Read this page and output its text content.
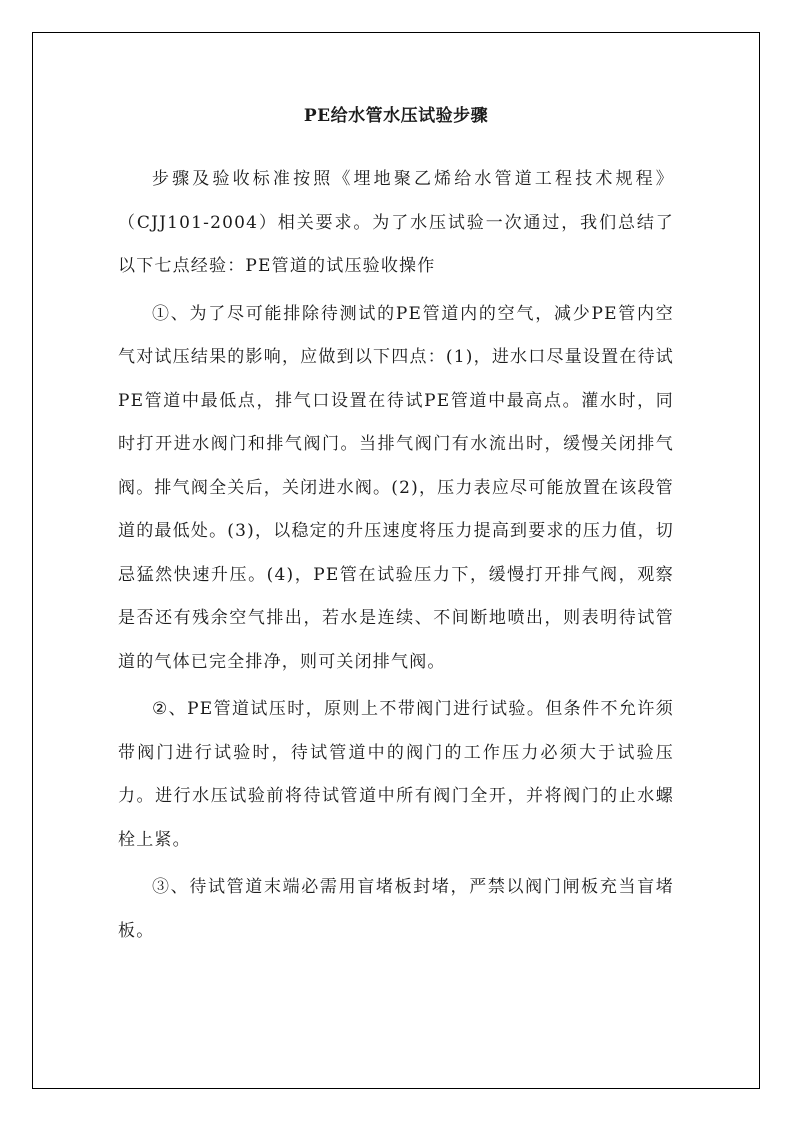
PE给水管水压试验步骤

步骤及验收标准按照《埋地聚乙烯给水管道工程技术规程》（CJJ101-2004）相关要求。为了水压试验一次通过，我们总结了以下七点经验：PE管道的试压验收操作

①、为了尽可能排除待测试的PE管道内的空气，减少PE管内空气对试压结果的影响，应做到以下四点：(1)，进水口尽量设置在待试PE管道中最低点，排气口设置在待试PE管道中最高点。灌水时，同时打开进水阀门和排气阀门。当排气阀门有水流出时，缓慢关闭排气阀。排气阀全关后，关闭进水阀。(2)，压力表应尽可能放置在该段管道的最低处。(3)，以稳定的升压速度将压力提高到要求的压力值，切忌猛然快速升压。(4)，PE管在试验压力下，缓慢打开排气阀，观察是否还有残余空气排出，若水是连续、不间断地喷出，则表明待试管道的气体已完全排净，则可关闭排气阀。

②、PE管道试压时，原则上不带阀门进行试验。但条件不允许须带阀门进行试验时，待试管道中的阀门的工作压力必须大于试验压力。进行水压试验前将待试管道中所有阀门全开，并将阀门的止水螺栓上紧。

③、待试管道末端必需用盲堵板封堵，严禁以阀门闸板充当盲堵板。
